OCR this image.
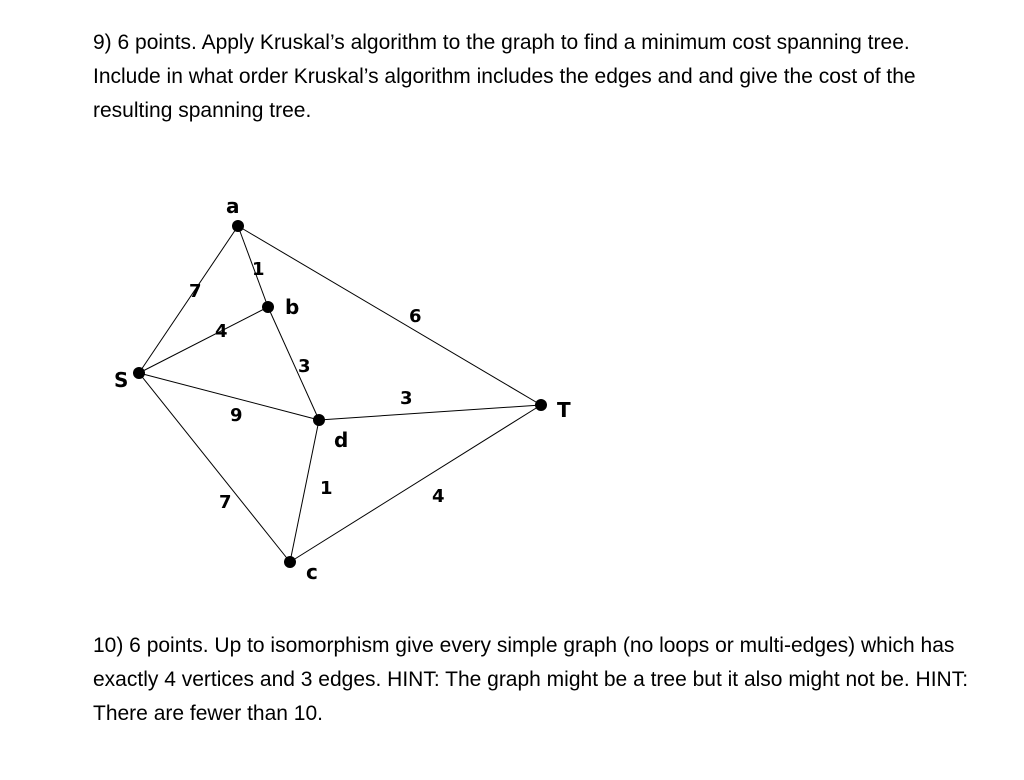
9) 6 points. Apply Kruskal’s algorithm to the graph to find a minimum cost spanning tree. Include in what order Kruskal’s algorithm includes the edges and and give the cost of the resulting spanning tree.

7
1
6
4
3
9
3
7
1	4
a
b
S
d
T
c

10) 6 points. Up to isomorphism give every simple graph (no loops or multi-edges) which has exactly 4 vertices and 3 edges. HINT: The graph might be a tree but it also might not be. HINT: There are fewer than 10.
